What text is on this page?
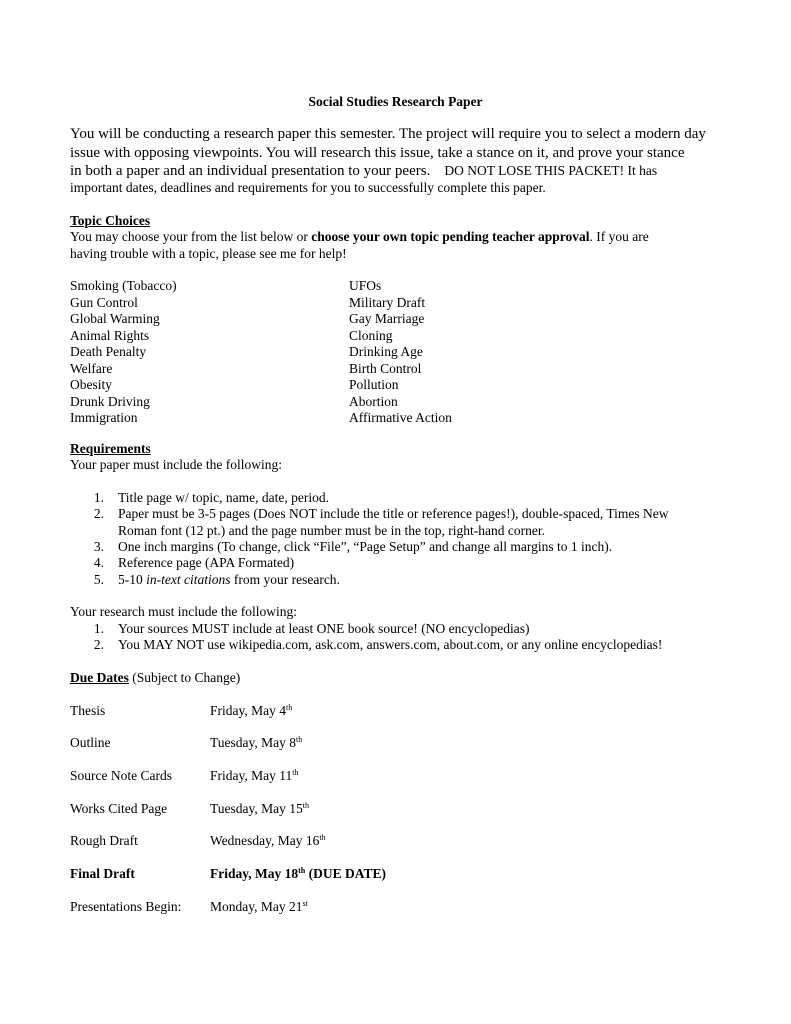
Social Studies Research Paper
You will be conducting a research paper this semester. The project will require you to select a modern day
issue with opposing viewpoints. You will research this issue, take a stance on it, and prove your stance
in both a paper and an individual presentation to your peers. DO NOT LOSE THIS PACKET! It has
important dates, deadlines and requirements for you to successfully complete this paper.
Topic Choices
You may choose your from the list below or choose your own topic pending teacher approval. If you are
having trouble with a topic, please see me for help!
Smoking (Tobacco)
Gun Control
Global Warming
Animal Rights
Death Penalty
Welfare
Obesity
Drunk Driving
Immigration
UFOs
Military Draft
Gay Marriage
Cloning
Drinking Age
Birth Control
Pollution
Abortion
Affirmative Action
Requirements
Your paper must include the following:
1. Title page w/ topic, name, date, period.
2. Paper must be 3-5 pages (Does NOT include the title or reference pages!), double-spaced, Times New
Roman font (12 pt.) and the page number must be in the top, right-hand corner.
3. One inch margins (To change, click “File”, “Page Setup” and change all margins to 1 inch).
4. Reference page (APA Formated)
5. 5-10 in-text citations from your research.
Your research must include the following:
1. Your sources MUST include at least ONE book source! (NO encyclopedias)
2. You MAY NOT use wikipedia.com, ask.com, answers.com, about.com, or any online encyclopedias!
Due Dates (Subject to Change)
Thesis	Friday, May 4th
Outline	Tuesday, May 8th
Source Note Cards	Friday, May 11th
Works Cited Page	Tuesday, May 15th
Rough Draft	Wednesday, May 16th
Final Draft	Friday, May 18th (DUE DATE)
Presentations Begin: Monday, May 21st
